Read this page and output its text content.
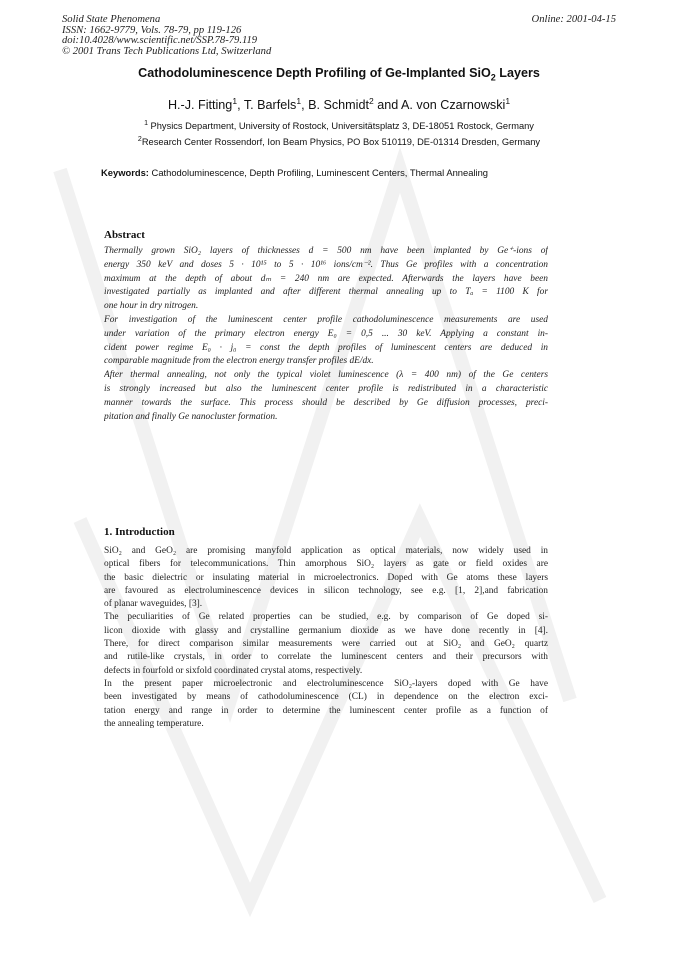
Solid State Phenomena
ISSN: 1662-9779, Vols. 78-79, pp 119-126
doi:10.4028/www.scientific.net/SSP.78-79.119
© 2001 Trans Tech Publications Ltd, Switzerland
Online: 2001-04-15
Cathodoluminescence Depth Profiling of Ge-Implanted SiO$_2$ Layers
H.-J. Fitting$^1$, T. Barfels$^1$, B. Schmidt$^2$ and A. von Czarnowski$^1$
$^1$ Physics Department, University of Rostock, Universitätsplatz 3, DE-18051 Rostock, Germany
$^2$Research Center Rossendorf, Ion Beam Physics, PO Box 510119, DE-01314 Dresden, Germany
Keywords: Cathodoluminescence, Depth Profiling, Luminescent Centers, Thermal Annealing
Abstract
Thermally grown SiO₂ layers of thicknesses d = 500 nm have been implanted by Ge⁺-ions of
energy 350 keV and doses 5 · 10¹⁵ to 5 · 10¹⁶ ions/cm⁻². Thus Ge profiles with a concentration
maximum at the depth of about dₘ = 240 nm are expected. Afterwards the layers have been
investigated partially as implanted and after different thermal annealing up to Tₐ = 1100 K for
one hour in dry nitrogen.
For investigation of the luminescent center profile cathodoluminescence measurements are used
under variation of the primary electron energy E₀ = 0,5 ... 30 keV. Applying a constant in-
cident power regime E₀ · j₀ = const the depth profiles of luminescent centers are deduced in
comparable magnitude from the electron energy transfer profiles dE/dx.
After thermal annealing, not only the typical violet luminescence (λ = 400 nm) of the Ge centers
is strongly increased but also the luminescent center profile is redistributed in a characteristic
manner towards the surface. This process should be described by Ge diffusion processes, preci-
pitation and finally Ge nanocluster formation.
1. Introduction
SiO₂ and GeO₂ are promising manyfold application as optical materials, now widely used in
optical fibers for telecommunications. Thin amorphous SiO₂ layers as gate or field oxides are
the basic dielectric or insulating material in microelectronics. Doped with Ge atoms these layers
are favoured as electroluminescence devices in silicon technology, see e.g. [1, 2],and fabrication
of planar waveguides, [3].
The peculiarities of Ge related properties can be studied, e.g. by comparison of Ge doped si-
licon dioxide with glassy and crystalline germanium dioxide as we have done recently in [4].
There, for direct comparison similar measurements were carried out at SiO₂ and GeO₂ quartz
and rutile-like crystals, in order to correlate the luminescent centers and their precursors with
defects in fourfold or sixfold coordinated crystal atoms, respectively.
In the present paper microelectronic and electroluminescence SiO₂-layers doped with Ge have
been investigated by means of cathodoluminescence (CL) in dependence on the electron exci-
tation energy and range in order to determine the luminescent center profile as a function of
the annealing temperature.
